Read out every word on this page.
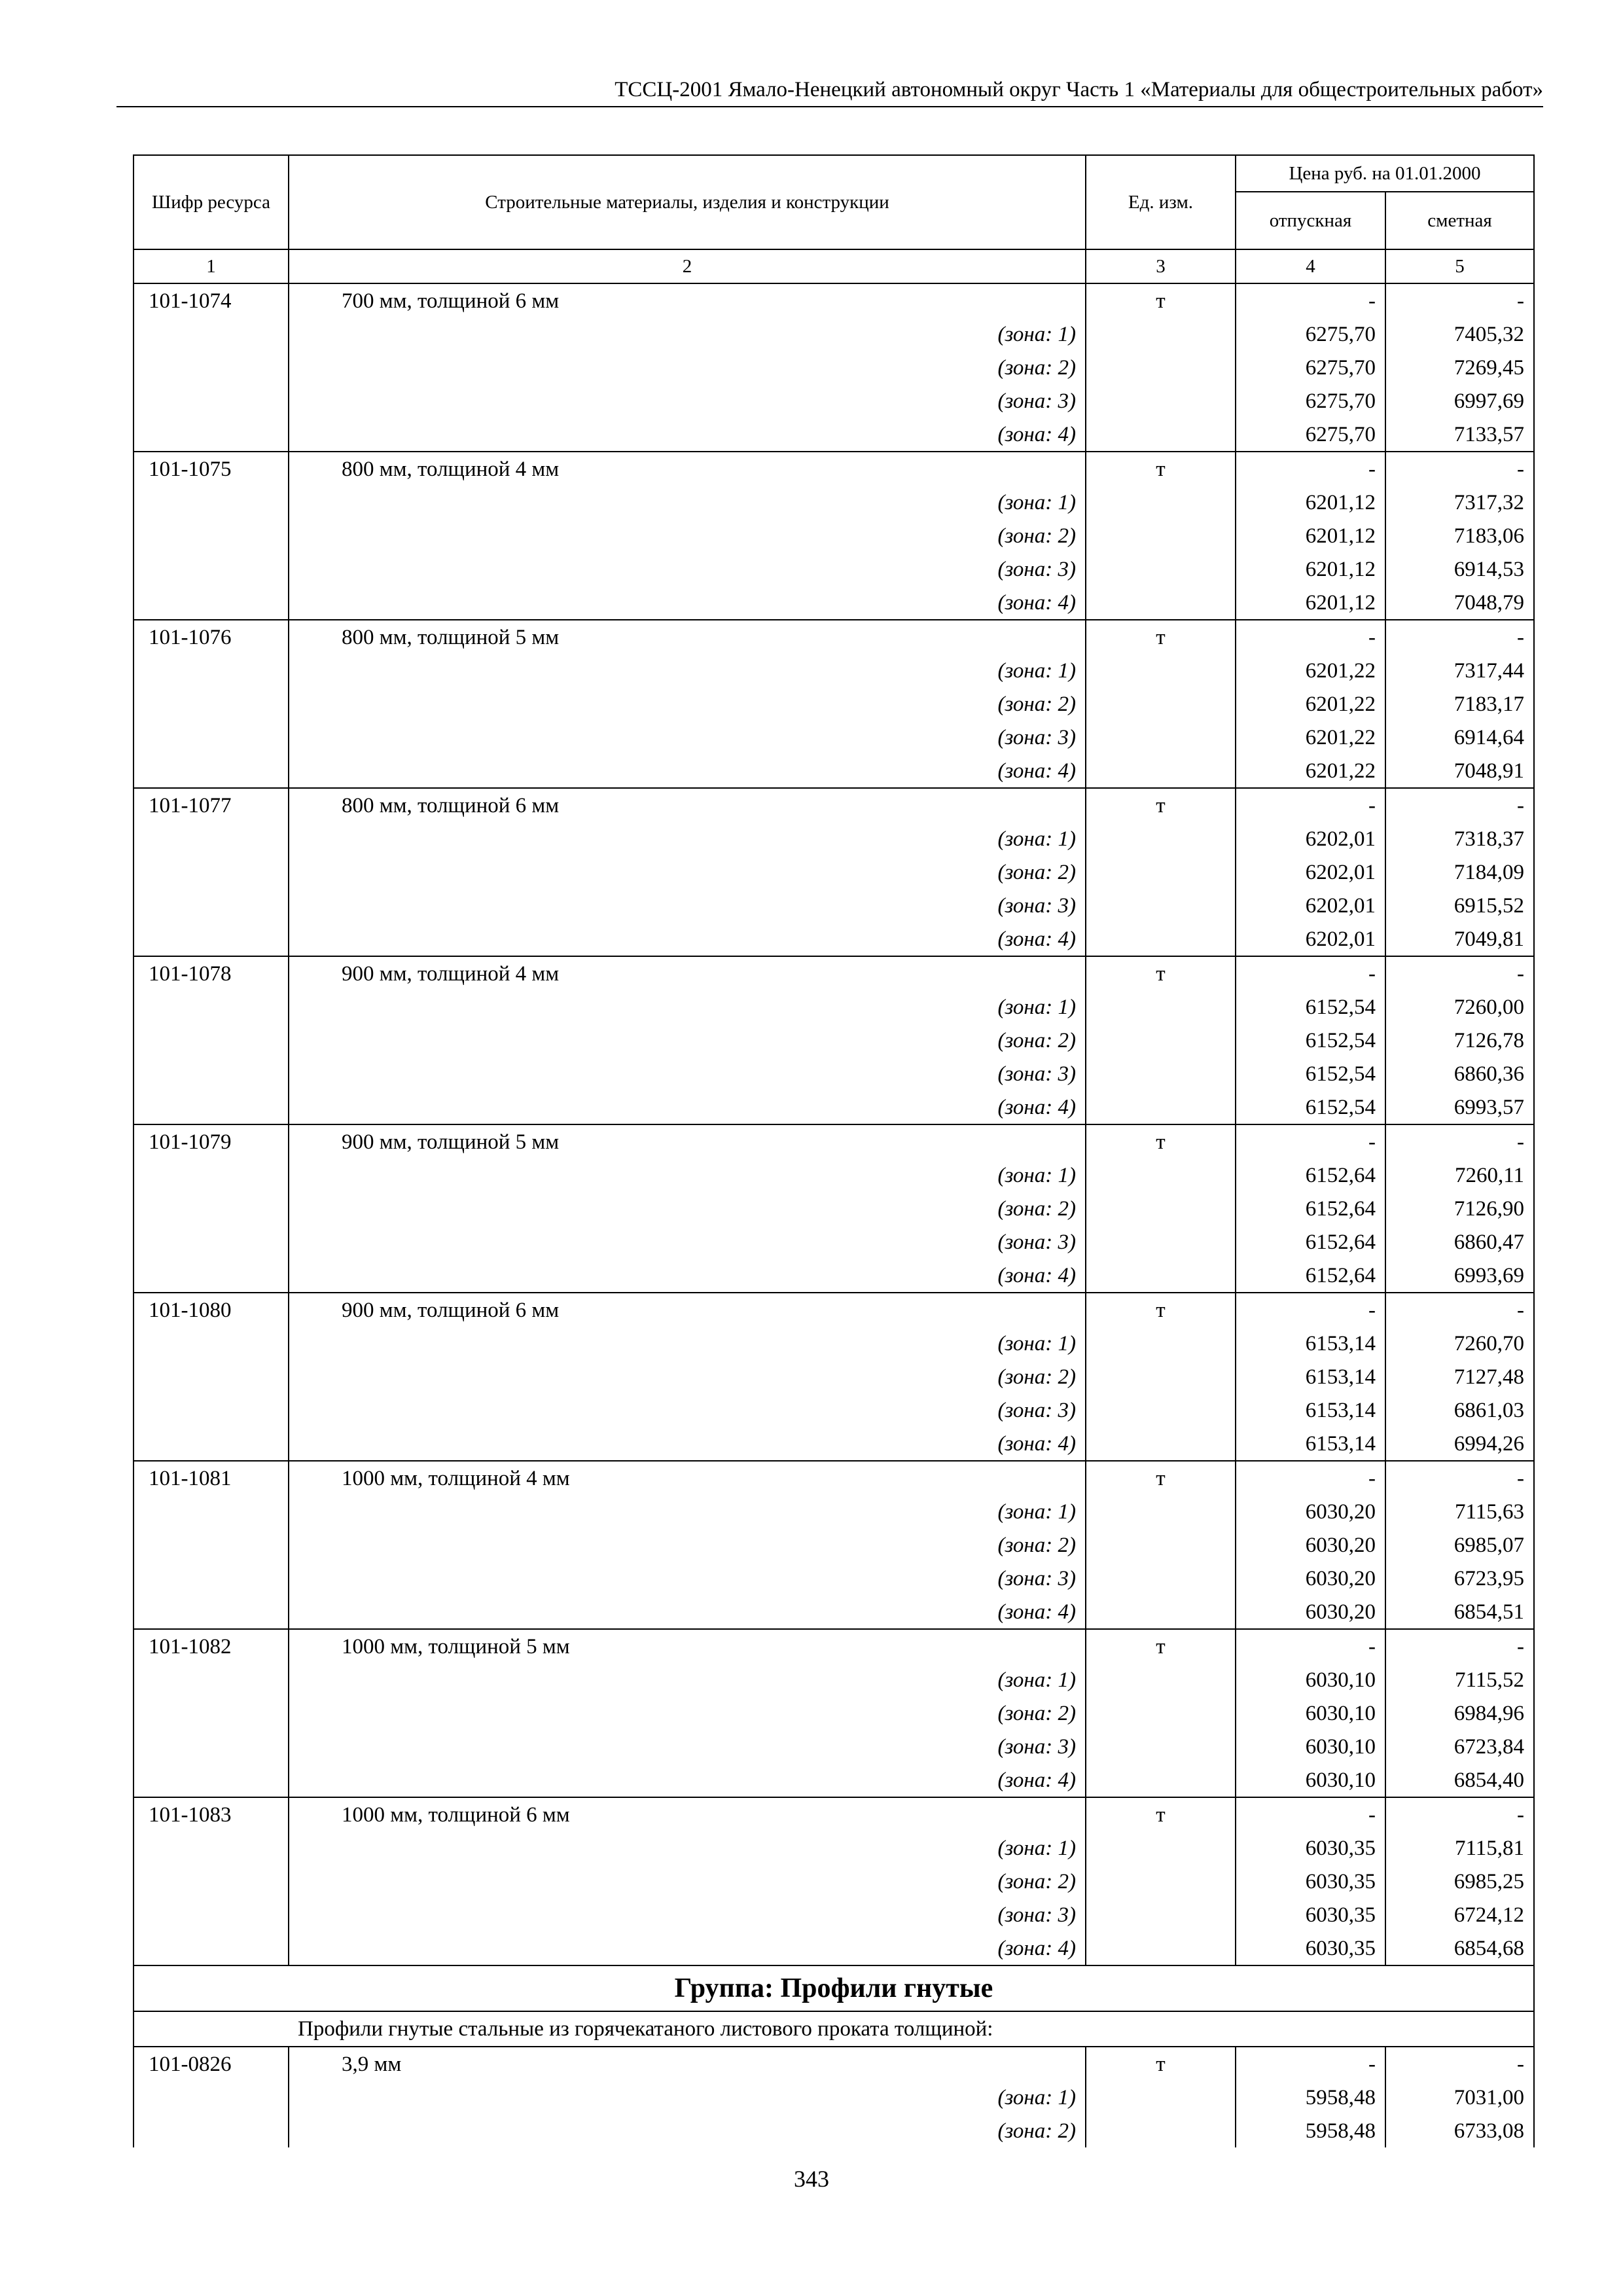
ТССЦ-2001 Ямало-Ненецкий автономный округ Часть 1 «Материалы для общестроительных работ»
Шифр ресурса	Строительные материалы, изделия и конструкции	Ед. изм.	Цена руб. на 01.01.2000	
			отпускная	сметная
1	2	3	4	5
101-1074	700 мм, толщиной 6 мм	т	-	-
	(зона: 1)		6275,70	7405,32
	(зона: 2)		6275,70	7269,45
	(зона: 3)		6275,70	6997,69
	(зона: 4)		6275,70	7133,57
101-1075	800 мм, толщиной 4 мм	т	-	-
	(зона: 1)		6201,12	7317,32
	(зона: 2)		6201,12	7183,06
	(зона: 3)		6201,12	6914,53
	(зона: 4)		6201,12	7048,79
101-1076	800 мм, толщиной 5 мм	т	-	-
	(зона: 1)		6201,22	7317,44
	(зона: 2)		6201,22	7183,17
	(зона: 3)		6201,22	6914,64
	(зона: 4)		6201,22	7048,91
101-1077	800 мм, толщиной 6 мм	т	-	-
	(зона: 1)		6202,01	7318,37
	(зона: 2)		6202,01	7184,09
	(зона: 3)		6202,01	6915,52
	(зона: 4)		6202,01	7049,81
101-1078	900 мм, толщиной 4 мм	т	-	-
	(зона: 1)		6152,54	7260,00
	(зона: 2)		6152,54	7126,78
	(зона: 3)		6152,54	6860,36
	(зона: 4)		6152,54	6993,57
101-1079	900 мм, толщиной 5 мм	т	-	-
	(зона: 1)		6152,64	7260,11
	(зона: 2)		6152,64	7126,90
	(зона: 3)		6152,64	6860,47
	(зона: 4)		6152,64	6993,69
101-1080	900 мм, толщиной 6 мм	т	-	-
	(зона: 1)		6153,14	7260,70
	(зона: 2)		6153,14	7127,48
	(зона: 3)		6153,14	6861,03
	(зона: 4)		6153,14	6994,26
101-1081	1000 мм, толщиной 4 мм	т	-	-
	(зона: 1)		6030,20	7115,63
	(зона: 2)		6030,20	6985,07
	(зона: 3)		6030,20	6723,95
	(зона: 4)		6030,20	6854,51
101-1082	1000 мм, толщиной 5 мм	т	-	-
	(зона: 1)		6030,10	7115,52
	(зона: 2)		6030,10	6984,96
	(зона: 3)		6030,10	6723,84
	(зона: 4)		6030,10	6854,40
101-1083	1000 мм, толщиной 6 мм	т	-	-
	(зона: 1)		6030,35	7115,81
	(зона: 2)		6030,35	6985,25
	(зона: 3)		6030,35	6724,12
	(зона: 4)		6030,35	6854,68
Группа: Профили гнутые				
Профили гнутые стальные из горячекатаного листового проката толщиной:				
101-0826	3,9 мм	т	-	-
	(зона: 1)		5958,48	7031,00
	(зона: 2)		5958,48	6733,08
343
